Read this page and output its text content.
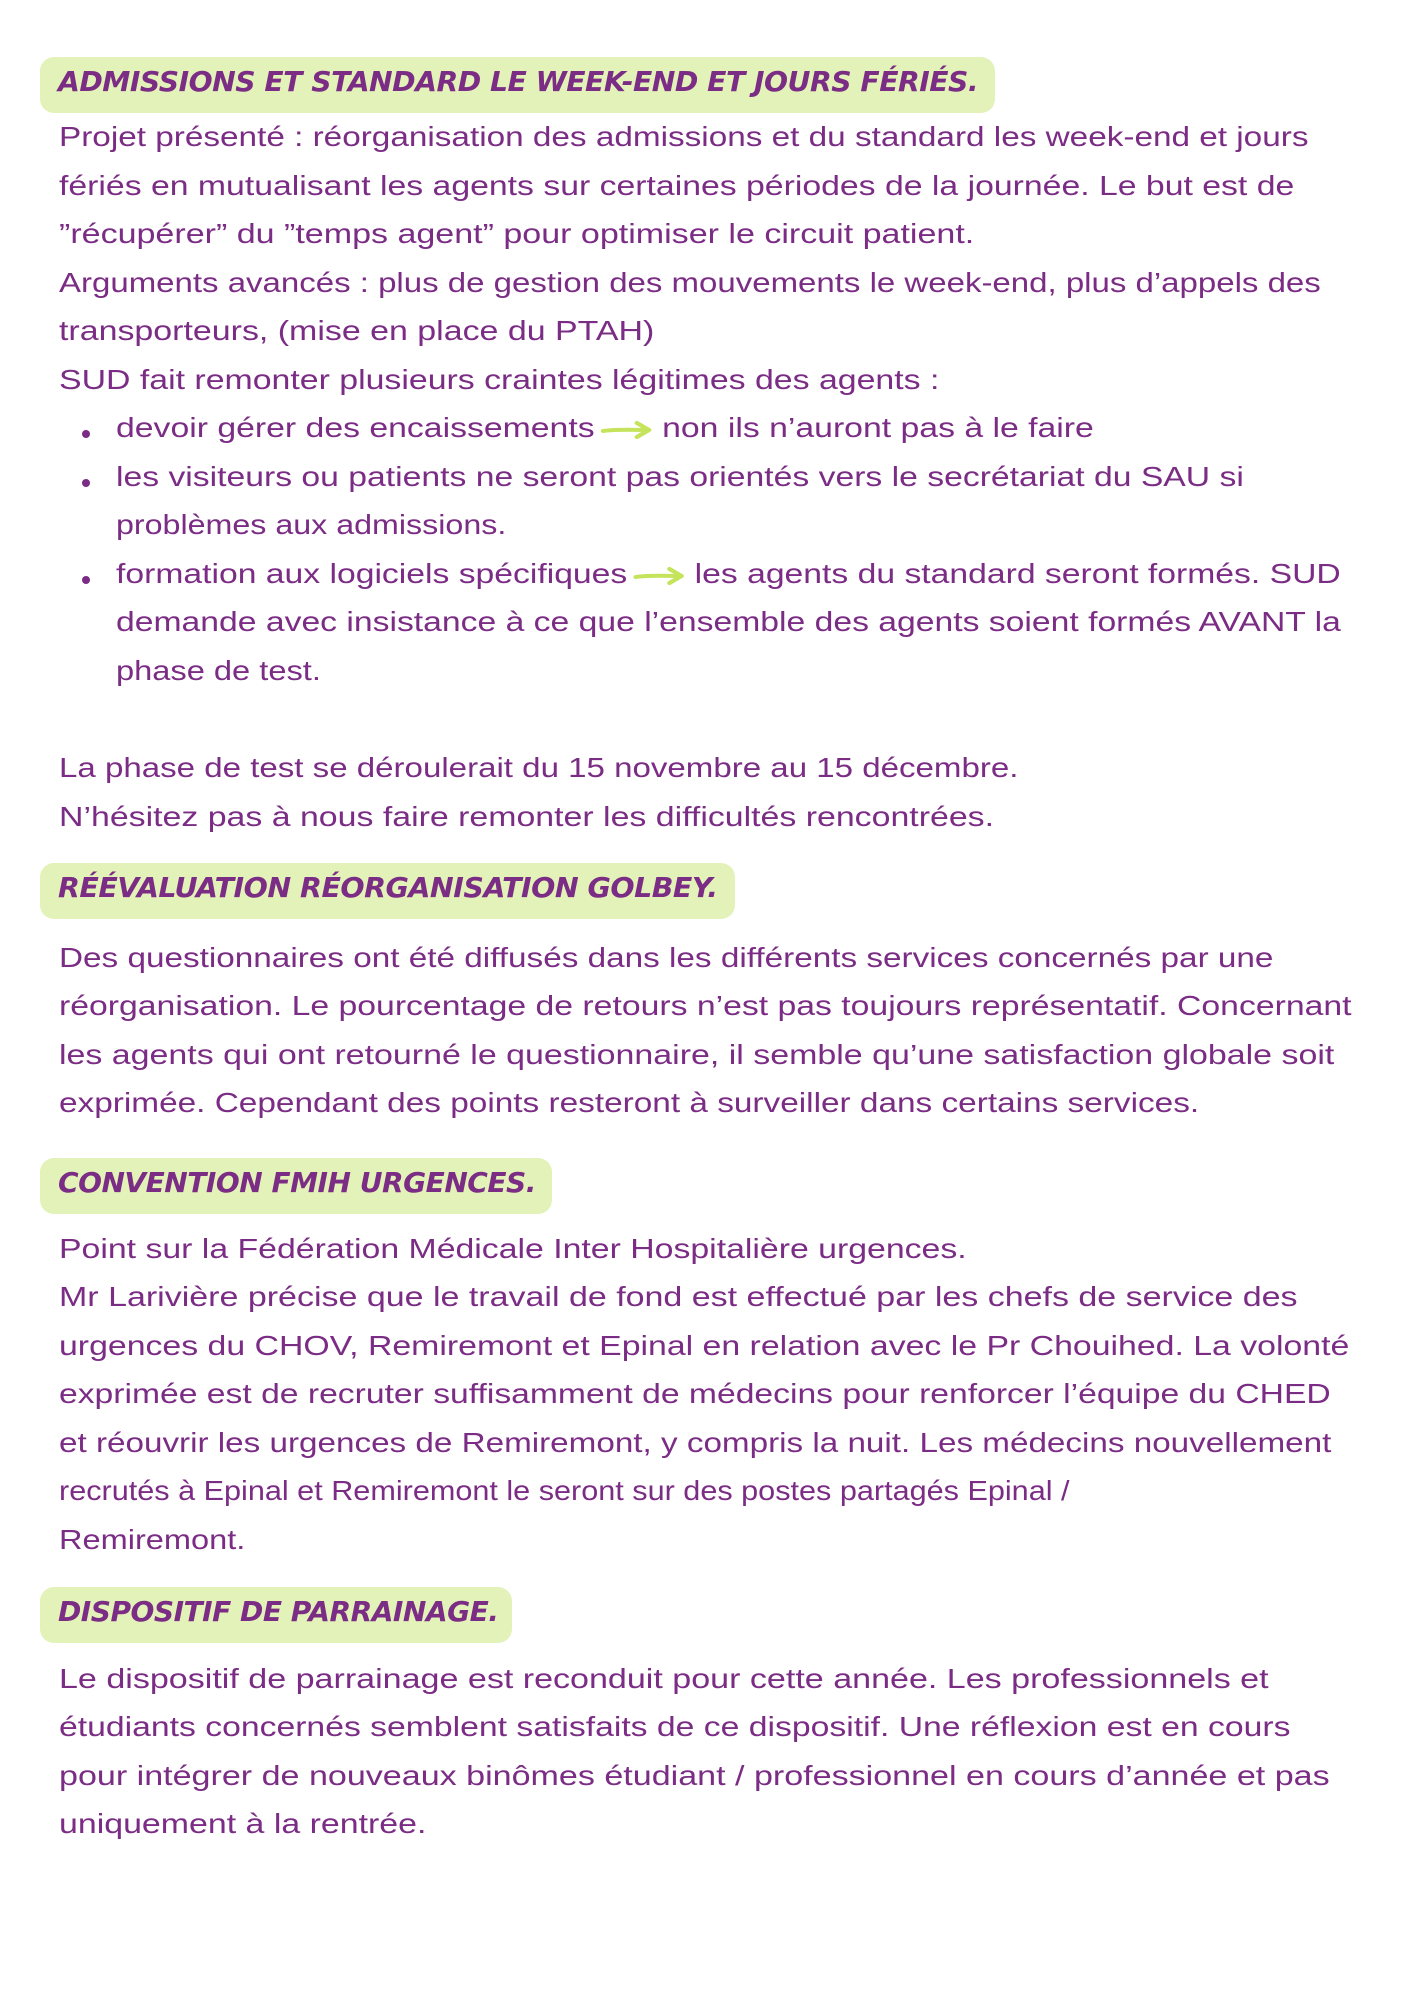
ADMISSIONS ET STANDARD LE WEEK-END ET JOURS FÉRIÉS.
Projet présenté : réorganisation des admissions et du standard les week-end et jours
fériés en mutualisant les agents sur certaines périodes de la journée. Le but est de
”récupérer” du ”temps agent” pour optimiser le circuit patient.
Arguments avancés : plus de gestion des mouvements le week-end, plus d’appels des
transporteurs, (mise en place du PTAH)
SUD fait remonter plusieurs craintes légitimes des agents :
devoir gérer des encaissements non ils n’auront pas à le faire
les visiteurs ou patients ne seront pas orientés vers le secrétariat du SAU si
problèmes aux admissions.
formation aux logiciels spécifiques les agents du standard seront formés. SUD
demande avec insistance à ce que l’ensemble des agents soient formés AVANT la
phase de test.
La phase de test se déroulerait du 15 novembre au 15 décembre.
N’hésitez pas à nous faire remonter les difficultés rencontrées.
RÉÉVALUATION RÉORGANISATION GOLBEY.
Des questionnaires ont été diffusés dans les différents services concernés par une
réorganisation. Le pourcentage de retours n’est pas toujours représentatif. Concernant
les agents qui ont retourné le questionnaire, il semble qu’une satisfaction globale soit
exprimée. Cependant des points resteront à surveiller dans certains services.
CONVENTION FMIH URGENCES.
Point sur la Fédération Médicale Inter Hospitalière urgences.
Mr Larivière précise que le travail de fond est effectué par les chefs de service des
urgences du CHOV, Remiremont et Epinal en relation avec le Pr Chouihed. La volonté
exprimée est de recruter suffisamment de médecins pour renforcer l’équipe du CHED
et réouvrir les urgences de Remiremont, y compris la nuit. Les médecins nouvellement
recrutés à Epinal et Remiremont le seront sur des postes partagés Epinal /
Remiremont.
DISPOSITIF DE PARRAINAGE.
Le dispositif de parrainage est reconduit pour cette année. Les professionnels et
étudiants concernés semblent satisfaits de ce dispositif. Une réflexion est en cours
pour intégrer de nouveaux binômes étudiant / professionnel en cours d’année et pas
uniquement à la rentrée.
